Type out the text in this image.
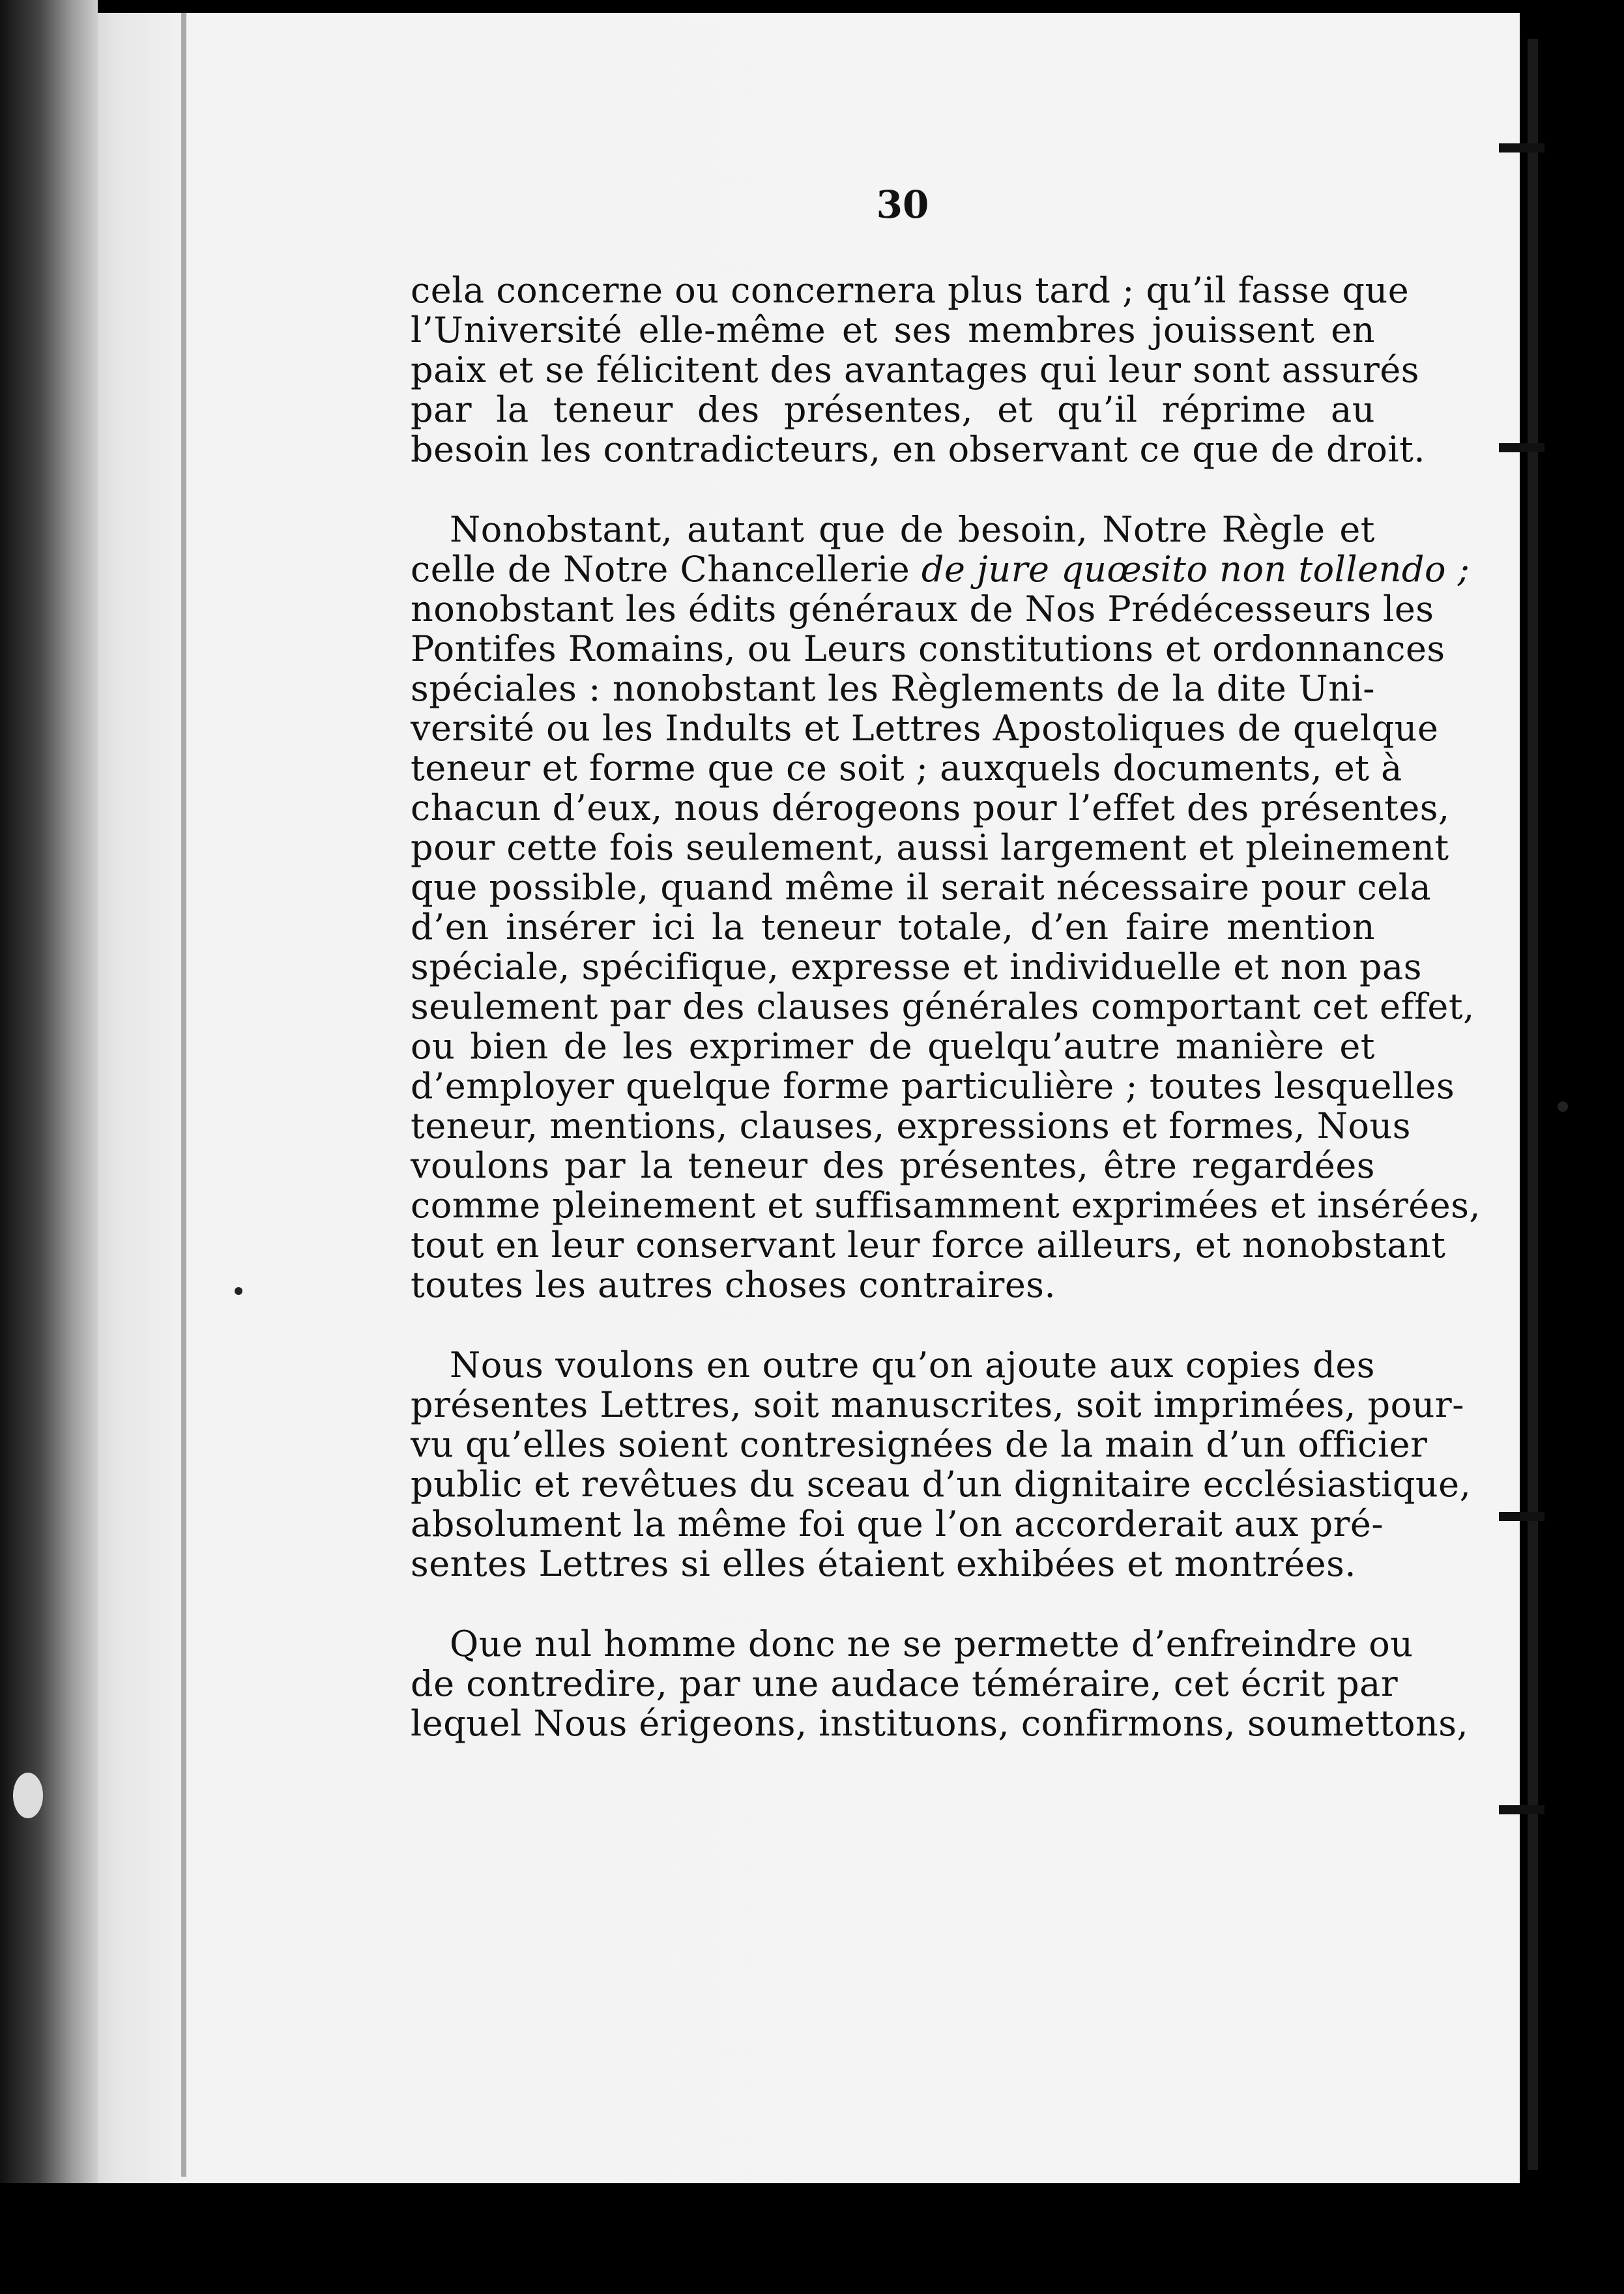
30
cela concerne ou concernera plus tard ; qu’il fasse que
l’Université elle-même et ses membres jouissent en
paix et se félicitent des avantages qui leur sont assurés
par la teneur des présentes, et qu’il réprime au
besoin les contradicteurs, en observant ce que de droit.
Nonobstant, autant que de besoin, Notre Règle et
celle de Notre Chancellerie de jure quœsito non tollendo ;
nonobstant les édits généraux de Nos Prédécesseurs les
Pontifes Romains, ou Leurs constitutions et ordonnances
spéciales : nonobstant les Règlements de la dite Uni-
versité ou les Indults et Lettres Apostoliques de quelque
teneur et forme que ce soit ; auxquels documents, et à
chacun d’eux, nous dérogeons pour l’effet des présentes,
pour cette fois seulement, aussi largement et pleinement
que possible, quand même il serait nécessaire pour cela
d’en insérer ici la teneur totale, d’en faire mention
spéciale, spécifique, expresse et individuelle et non pas
seulement par des clauses générales comportant cet effet,
ou bien de les exprimer de quelqu’autre manière et
d’employer quelque forme particulière ; toutes lesquelles
teneur, mentions, clauses, expressions et formes, Nous
voulons par la teneur des présentes, être regardées
comme pleinement et suffisamment exprimées et insérées,
tout en leur conservant leur force ailleurs, et nonobstant
toutes les autres choses contraires.
Nous voulons en outre qu’on ajoute aux copies des
présentes Lettres, soit manuscrites, soit imprimées, pour-
vu qu’elles soient contresignées de la main d’un officier
public et revêtues du sceau d’un dignitaire ecclésiastique,
absolument la même foi que l’on accorderait aux pré-
sentes Lettres si elles étaient exhibées et montrées.
Que nul homme donc ne se permette d’enfreindre ou
de contredire, par une audace téméraire, cet écrit par
lequel Nous érigeons, instituons, confirmons, soumettons,
